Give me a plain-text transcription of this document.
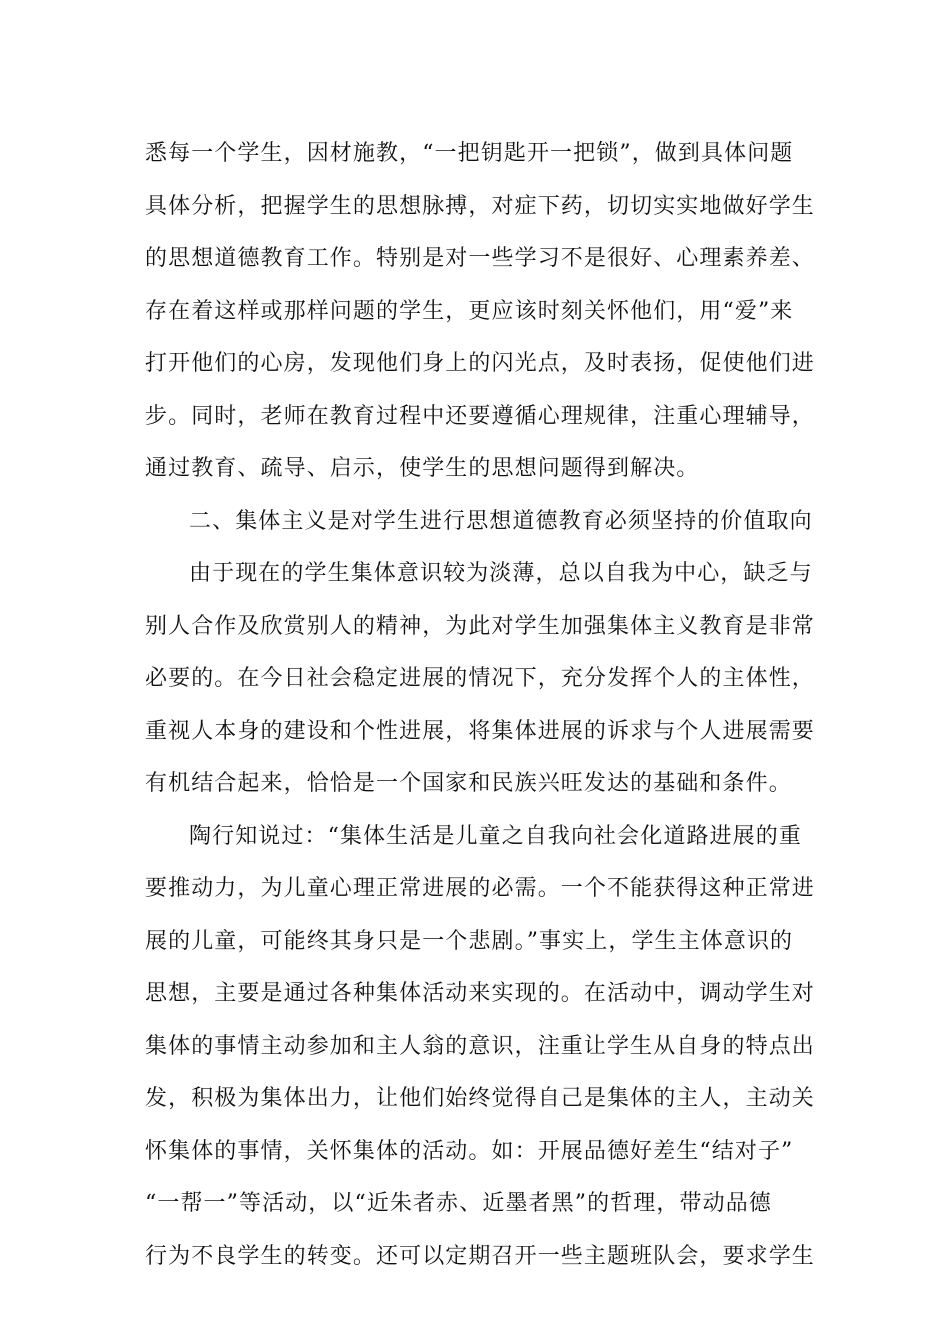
悉每一个学生，因材施教，“一把钥匙开一把锁”，做到具体问题
具体分析，把握学生的思想脉搏，对症下药，切切实实地做好学生
的思想道德教育工作。特别是对一些学习不是很好、心理素养差、
存在着这样或那样问题的学生，更应该时刻关怀他们，用“爱”来
打开他们的心房，发现他们身上的闪光点，及时表扬，促使他们进
步。同时，老师在教育过程中还要遵循心理规律，注重心理辅导，
通过教育、疏导、启示，使学生的思想问题得到解决。
二、集体主义是对学生进行思想道德教育必须坚持的价值取向
由于现在的学生集体意识较为淡薄，总以自我为中心，缺乏与
别人合作及欣赏别人的精神，为此对学生加强集体主义教育是非常
必要的。在今日社会稳定进展的情况下，充分发挥个人的主体性，
重视人本身的建设和个性进展，将集体进展的诉求与个人进展需要
有机结合起来，恰恰是一个国家和民族兴旺发达的基础和条件。
陶行知说过：“集体生活是儿童之自我向社会化道路进展的重
要推动力，为儿童心理正常进展的必需。一个不能获得这种正常进
展的儿童，可能终其身只是一个悲剧。”事实上，学生主体意识的
思想，主要是通过各种集体活动来实现的。在活动中，调动学生对
集体的事情主动参加和主人翁的意识，注重让学生从自身的特点出
发，积极为集体出力，让他们始终觉得自己是集体的主人，主动关
怀集体的事情，关怀集体的活动。如：开展品德好差生“结对子”
“一帮一”等活动，以“近朱者赤、近墨者黑”的哲理，带动品德
行为不良学生的转变。还可以定期召开一些主题班队会，要求学生
